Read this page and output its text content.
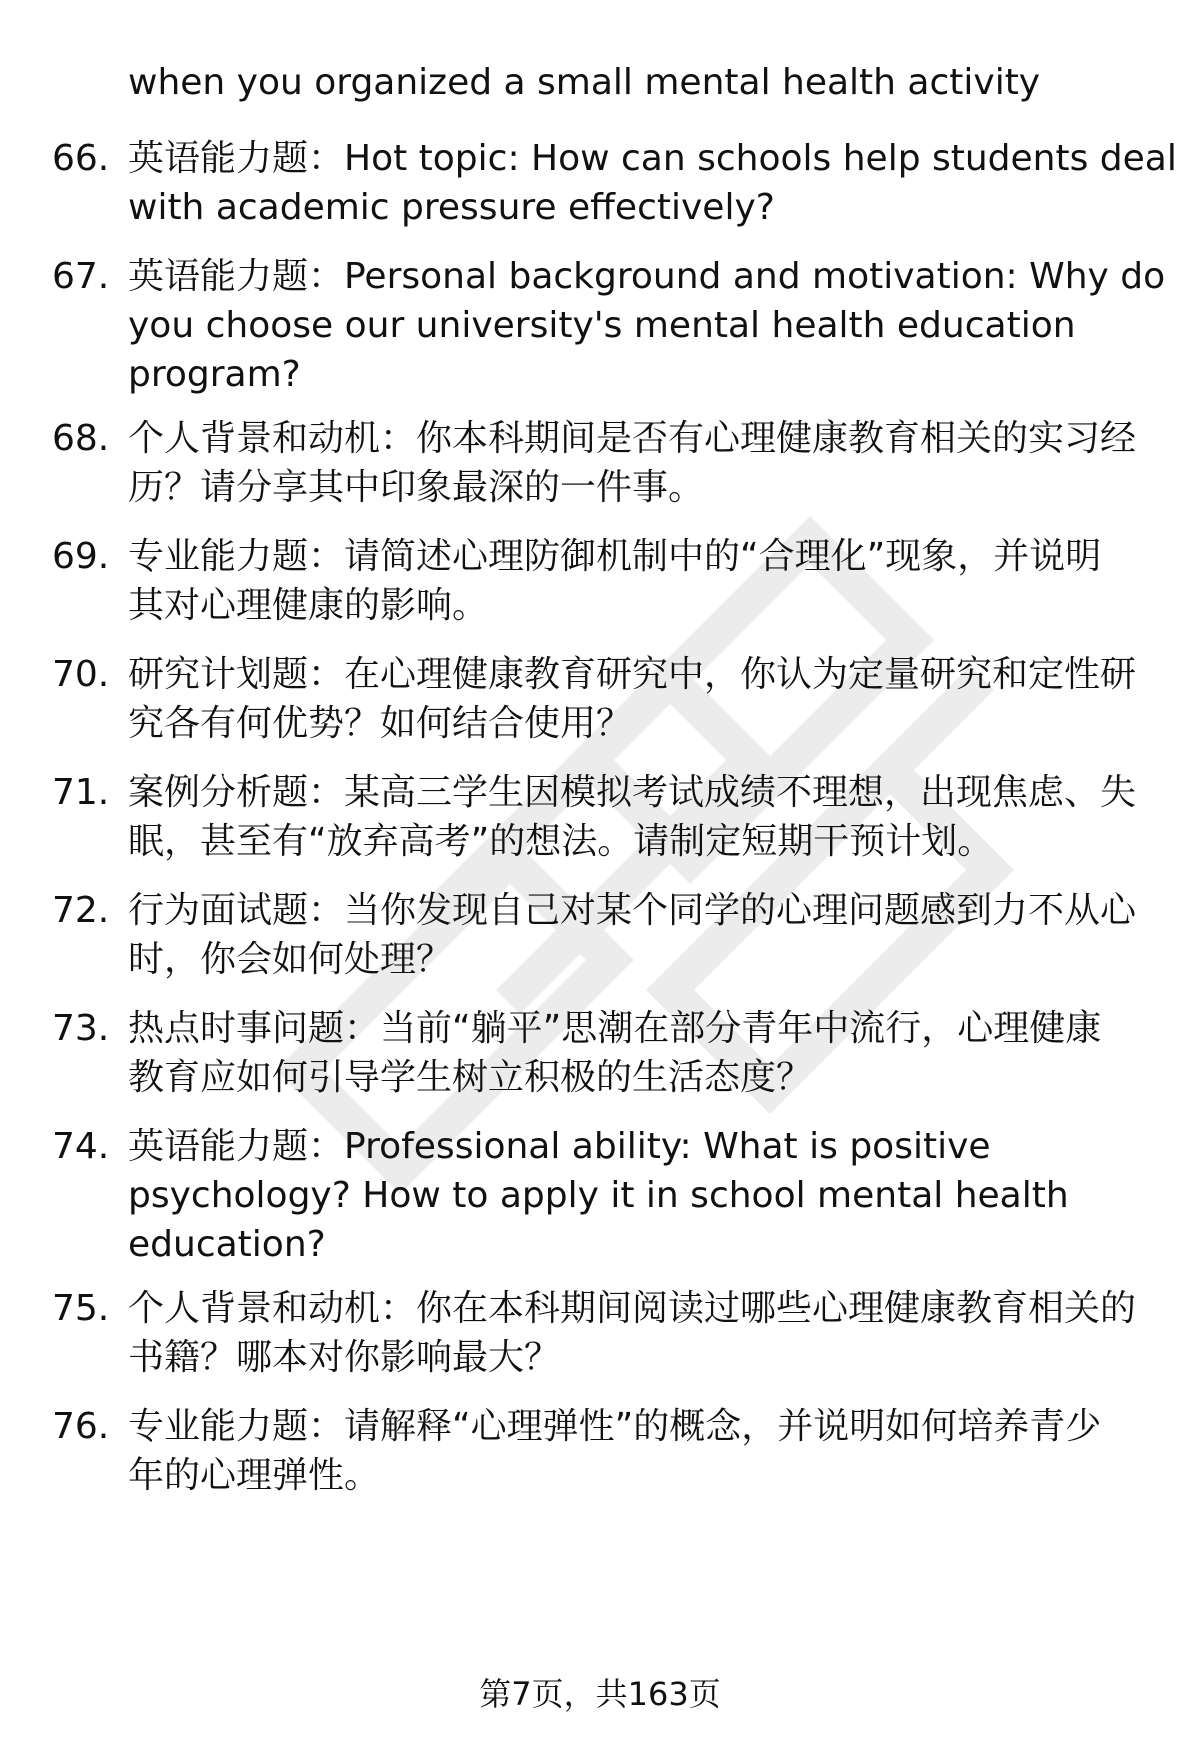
when you organized a small mental health activity
66. 英语能力题：Hot topic: How can schools help students deal
with academic pressure effectively?
67. 英语能力题：Personal background and motivation: Why do
you choose our university's mental health education
program?
68. 个人背景和动机：你本科期间是否有心理健康教育相关的实习经
历？请分享其中印象最深的一件事。
69. 专业能力题：请简述心理防御机制中的“合理化”现象，并说明
其对心理健康的影响。
70. 研究计划题：在心理健康教育研究中，你认为定量研究和定性研
究各有何优势？如何结合使用？
71. 案例分析题：某高三学生因模拟考试成绩不理想，出现焦虑、失
眠，甚至有“放弃高考”的想法。请制定短期干预计划。
72. 行为面试题：当你发现自己对某个同学的心理问题感到力不从心
时，你会如何处理？
73. 热点时事问题：当前“躺平”思潮在部分青年中流行，心理健康
教育应如何引导学生树立积极的生活态度？
74. 英语能力题：Professional ability: What is positive
psychology? How to apply it in school mental health
education?
75. 个人背景和动机：你在本科期间阅读过哪些心理健康教育相关的
书籍？哪本对你影响最大？
76. 专业能力题：请解释“心理弹性”的概念，并说明如何培养青少
年的心理弹性。
第7页，共163页
